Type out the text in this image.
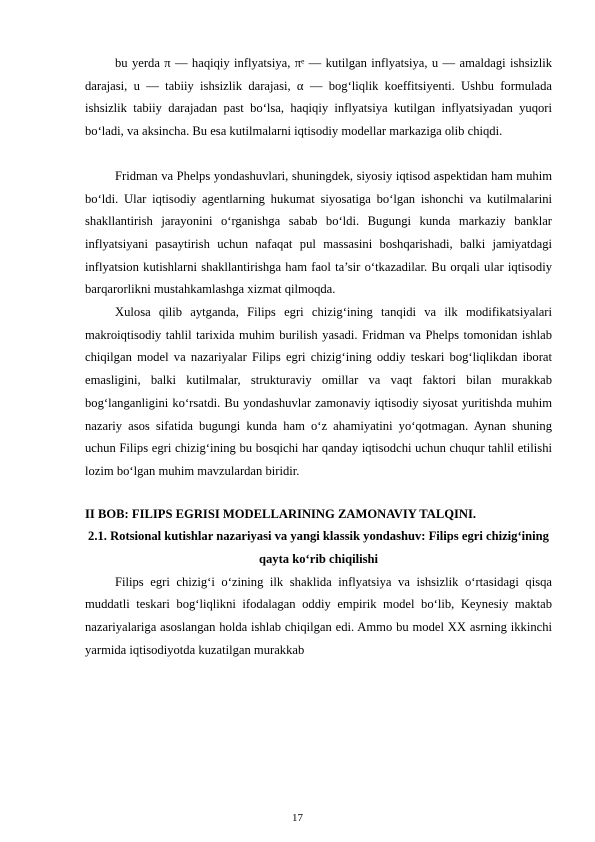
bu yerda π — haqiqiy inflyatsiya, πᵉ — kutilgan inflyatsiya, u — amaldagi ishsizlik darajasi, u — tabiiy ishsizlik darajasi, α — bog‘liqlik koeffitsiyenti. Ushbu formulada ishsizlik tabiiy darajadan past bo‘lsa, haqiqiy inflyatsiya kutilgan inflyatsiyadan yuqori bo‘ladi, va aksincha. Bu esa kutilmalarni iqtisodiy modellar markaziga olib chiqdi.

Fridman va Phelps yondashuvlari, shuningdek, siyosiy iqtisod aspektidan ham muhim bo‘ldi. Ular iqtisodiy agentlarning hukumat siyosatiga bo‘lgan ishonchi va kutilmalarini shakllantirish jarayonini o‘rganishga sabab bo‘ldi. Bugungi kunda markaziy banklar inflyatsiyani pasaytirish uchun nafaqat pul massasini boshqarishadi, balki jamiyatdagi inflyatsion kutishlarni shakllantirishga ham faol ta’sir o‘tkazadilar. Bu orqali ular iqtisodiy barqarorlikni mustahkamlashga xizmat qilmoqda.

Xulosa qilib aytganda, Filips egri chizig‘ining tanqidi va ilk modifikatsiyalari makroiqtisodiy tahlil tarixida muhim burilish yasadi. Fridman va Phelps tomonidan ishlab chiqilgan model va nazariyalar Filips egri chizig‘ining oddiy teskari bog‘liqlikdan iborat emasligini, balki kutilmalar, strukturaviy omillar va vaqt faktori bilan murakkab bog‘langanligini ko‘rsatdi. Bu yondashuvlar zamonaviy iqtisodiy siyosat yuritishda muhim nazariy asos sifatida bugungi kunda ham o‘z ahamiyatini yo‘qotmagan. Aynan shuning uchun Filips egri chizig‘ining bu bosqichi har qanday iqtisodchi uchun chuqur tahlil etilishi lozim bo‘lgan muhim mavzulardan biridir.

II BOB: FILIPS EGRISI MODELLARINING ZAMONAVIY TALQINI.
2.1. Rotsional kutishlar nazariyasi va yangi klassik yondashuv: Filips egri chizig‘ining qayta ko‘rib chiqilishi

Filips egri chizig‘i o‘zining ilk shaklida inflyatsiya va ishsizlik o‘rtasidagi qisqa muddatli teskari bog‘liqlikni ifodalagan oddiy empirik model bo‘lib, Keynesiy maktab nazariyalariga asoslangan holda ishlab chiqilgan edi. Ammo bu model XX asrning ikkinchi yarmida iqtisodiyotda kuzatilgan murakkab

17
